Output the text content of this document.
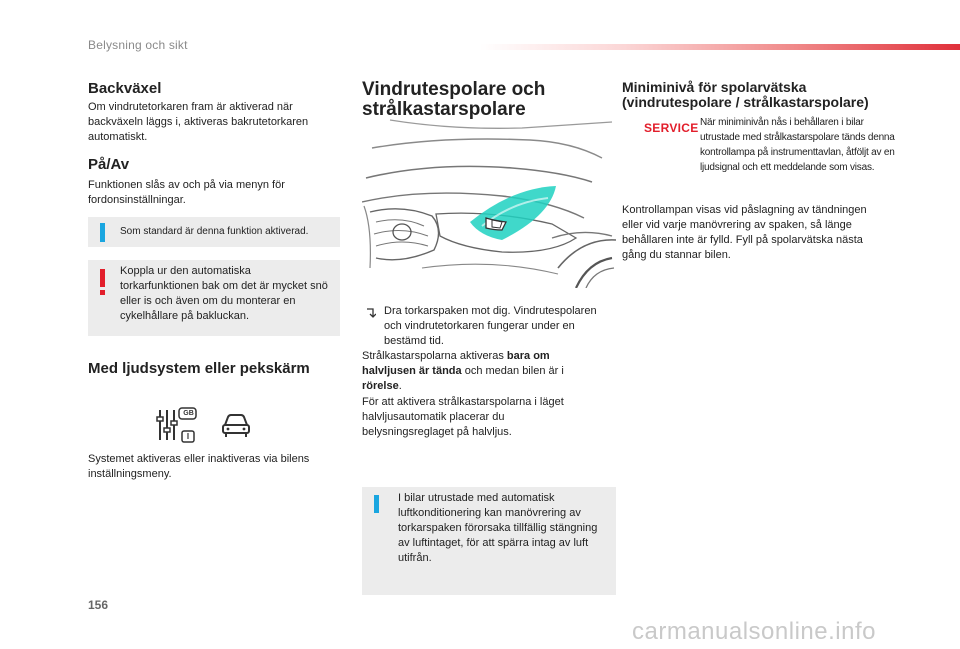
Belysning och sikt
Backväxel
Om vindrutetorkaren fram är aktiverad när backväxeln läggs i, aktiveras bakrutetorkaren automatiskt.
På/Av
Funktionen slås av och på via menyn för fordonsinställningar.
Som standard är denna funktion aktiverad.
Koppla ur den automatiska torkarfunktionen bak om det är mycket snö eller is och även om du monterar en cykelhållare på bakluckan.
Med ljudsystem eller pekskärm
GB
I
Systemet aktiveras eller inaktiveras via bilens inställningsmeny.
Vindrutespolare och
strålkastarspolare
Dra torkarspaken mot dig. Vindrutespolaren och vindrutetorkaren fungerar under en bestämd tid.
Strålkastarspolarna aktiveras bara om halvljusen är tända och medan bilen är i rörelse.
För att aktivera strålkastarspolarna i läget halvljusautomatik placerar du belysningsreglaget på halvljus.
I bilar utrustade med automatisk luftkonditionering kan manövrering av torkarspaken förorsaka tillfällig stängning av luftintaget, för att spärra intag av luft utifrån.
Miniminivå för spolarvätska
(vindrutespolare / strålkastarspolare)
SERVICE När miniminivån nås i behållaren i bilar utrustade med strålkastarspolare tänds denna kontrollampa på instrumenttavlan, åtföljt av en ljudsignal och ett meddelande som visas.
Kontrollampan visas vid påslagning av tändningen eller vid varje manövrering av spaken, så länge behållaren inte är fylld. Fyll på spolarvätska nästa gång du stannar bilen.
156
carmanualsonline.info
